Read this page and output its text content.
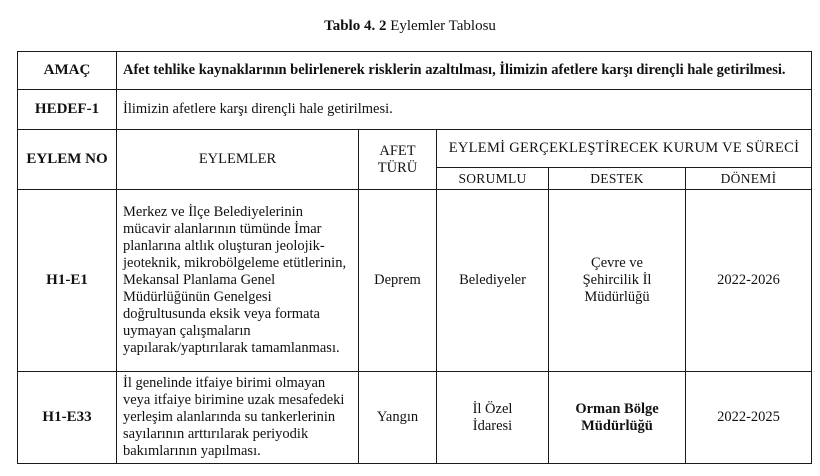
Tablo 4. 2 Eylemler Tablosu
AMAÇ	Afet tehlike kaynaklarının belirlenerek risklerin azaltılması, İlimizin afetlere karşı dirençli hale getirilmesi.				
HEDEF-1	İlimizin afetlere karşı dirençli hale getirilmesi.				
EYLEM NO	EYLEMLER	AFET TÜRÜ	EYLEMİ GERÇEKLEŞTİRECEK KURUM VE SÜRECİ		
			SORUMLU	DESTEK	DÖNEMİ
H1-E1	Merkez ve İlçe Belediyelerinin mücavir alanlarının tümünde İmar planlarına altlık oluşturan jeolojik-jeoteknik, mikrobölgeleme etütlerinin, Mekansal Planlama Genel Müdürlüğünün Genelgesi doğrultusunda eksik veya formata uymayan çalışmaların yapılarak/yaptırılarak tamamlanması.	Deprem	Belediyeler	Çevre ve Şehircilik İl Müdürlüğü	2022-2026
H1-E33	İl genelinde itfaiye birimi olmayan veya itfaiye birimine uzak mesafedeki yerleşim alanlarında su tankerlerinin sayılarının arttırılarak periyodik bakımlarının yapılması.	Yangın	İl Özel İdaresi	Orman Bölge Müdürlüğü	2022-2025
